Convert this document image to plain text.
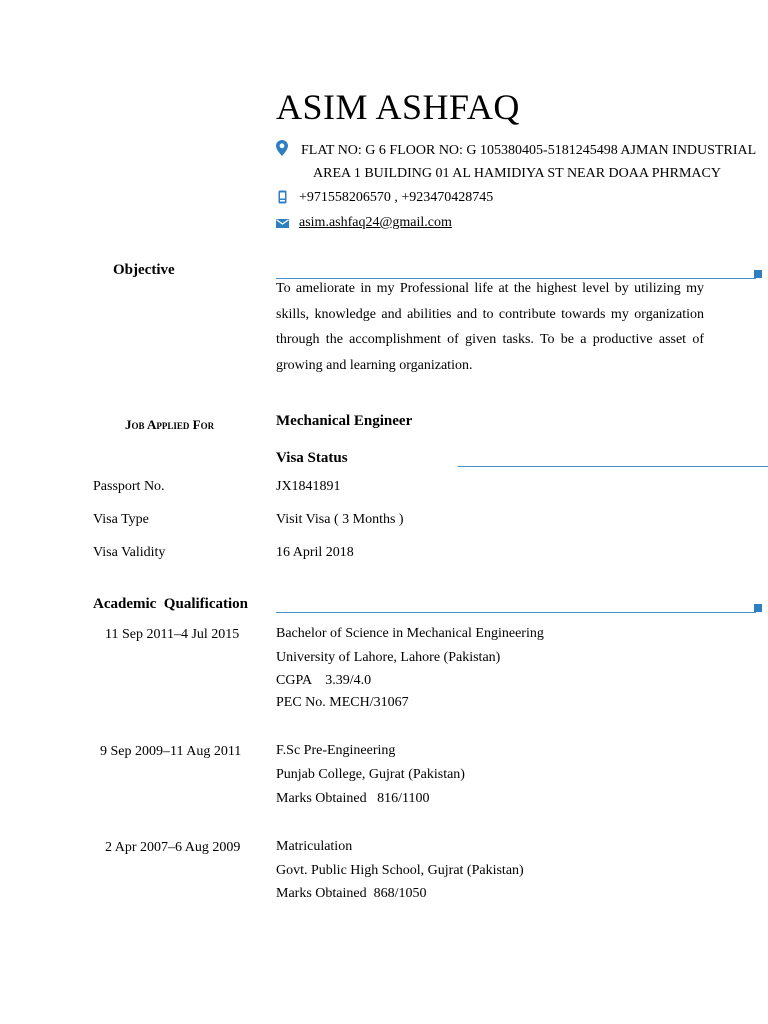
ASIM ASHFAQ
FLAT NO: G 6 FLOOR NO: G 105380405-5181245498 AJMAN INDUSTRIAL
AREA 1 BUILDING 01 AL HAMIDIYA ST NEAR DOAA PHRMACY
+971558206570 , +923470428745
asim.ashfaq24@gmail.com
Objective
To ameliorate in my Professional life at the highest level by utilizing my skills, knowledge and abilities and to contribute towards my organization through the accomplishment of given tasks. To be a productive asset of growing and learning organization.
Job Applied For	Mechanical Engineer
Visa Status
Passport No.	JX1841891
Visa Type	Visit Visa ( 3 Months )
Visa Validity	16 April 2018
Academic  Qualification
11 Sep 2011–4 Jul 2015	Bachelor of Science in Mechanical Engineering
University of Lahore, Lahore (Pakistan)
CGPA    3.39/4.0
PEC No. MECH/31067
9 Sep 2009–11 Aug 2011 F.Sc Pre-Engineering
Punjab College, Gujrat (Pakistan)
Marks Obtained   816/1100
2 Apr 2007–6 Aug 2009	Matriculation
Govt. Public High School, Gujrat (Pakistan)
Marks Obtained  868/1050
